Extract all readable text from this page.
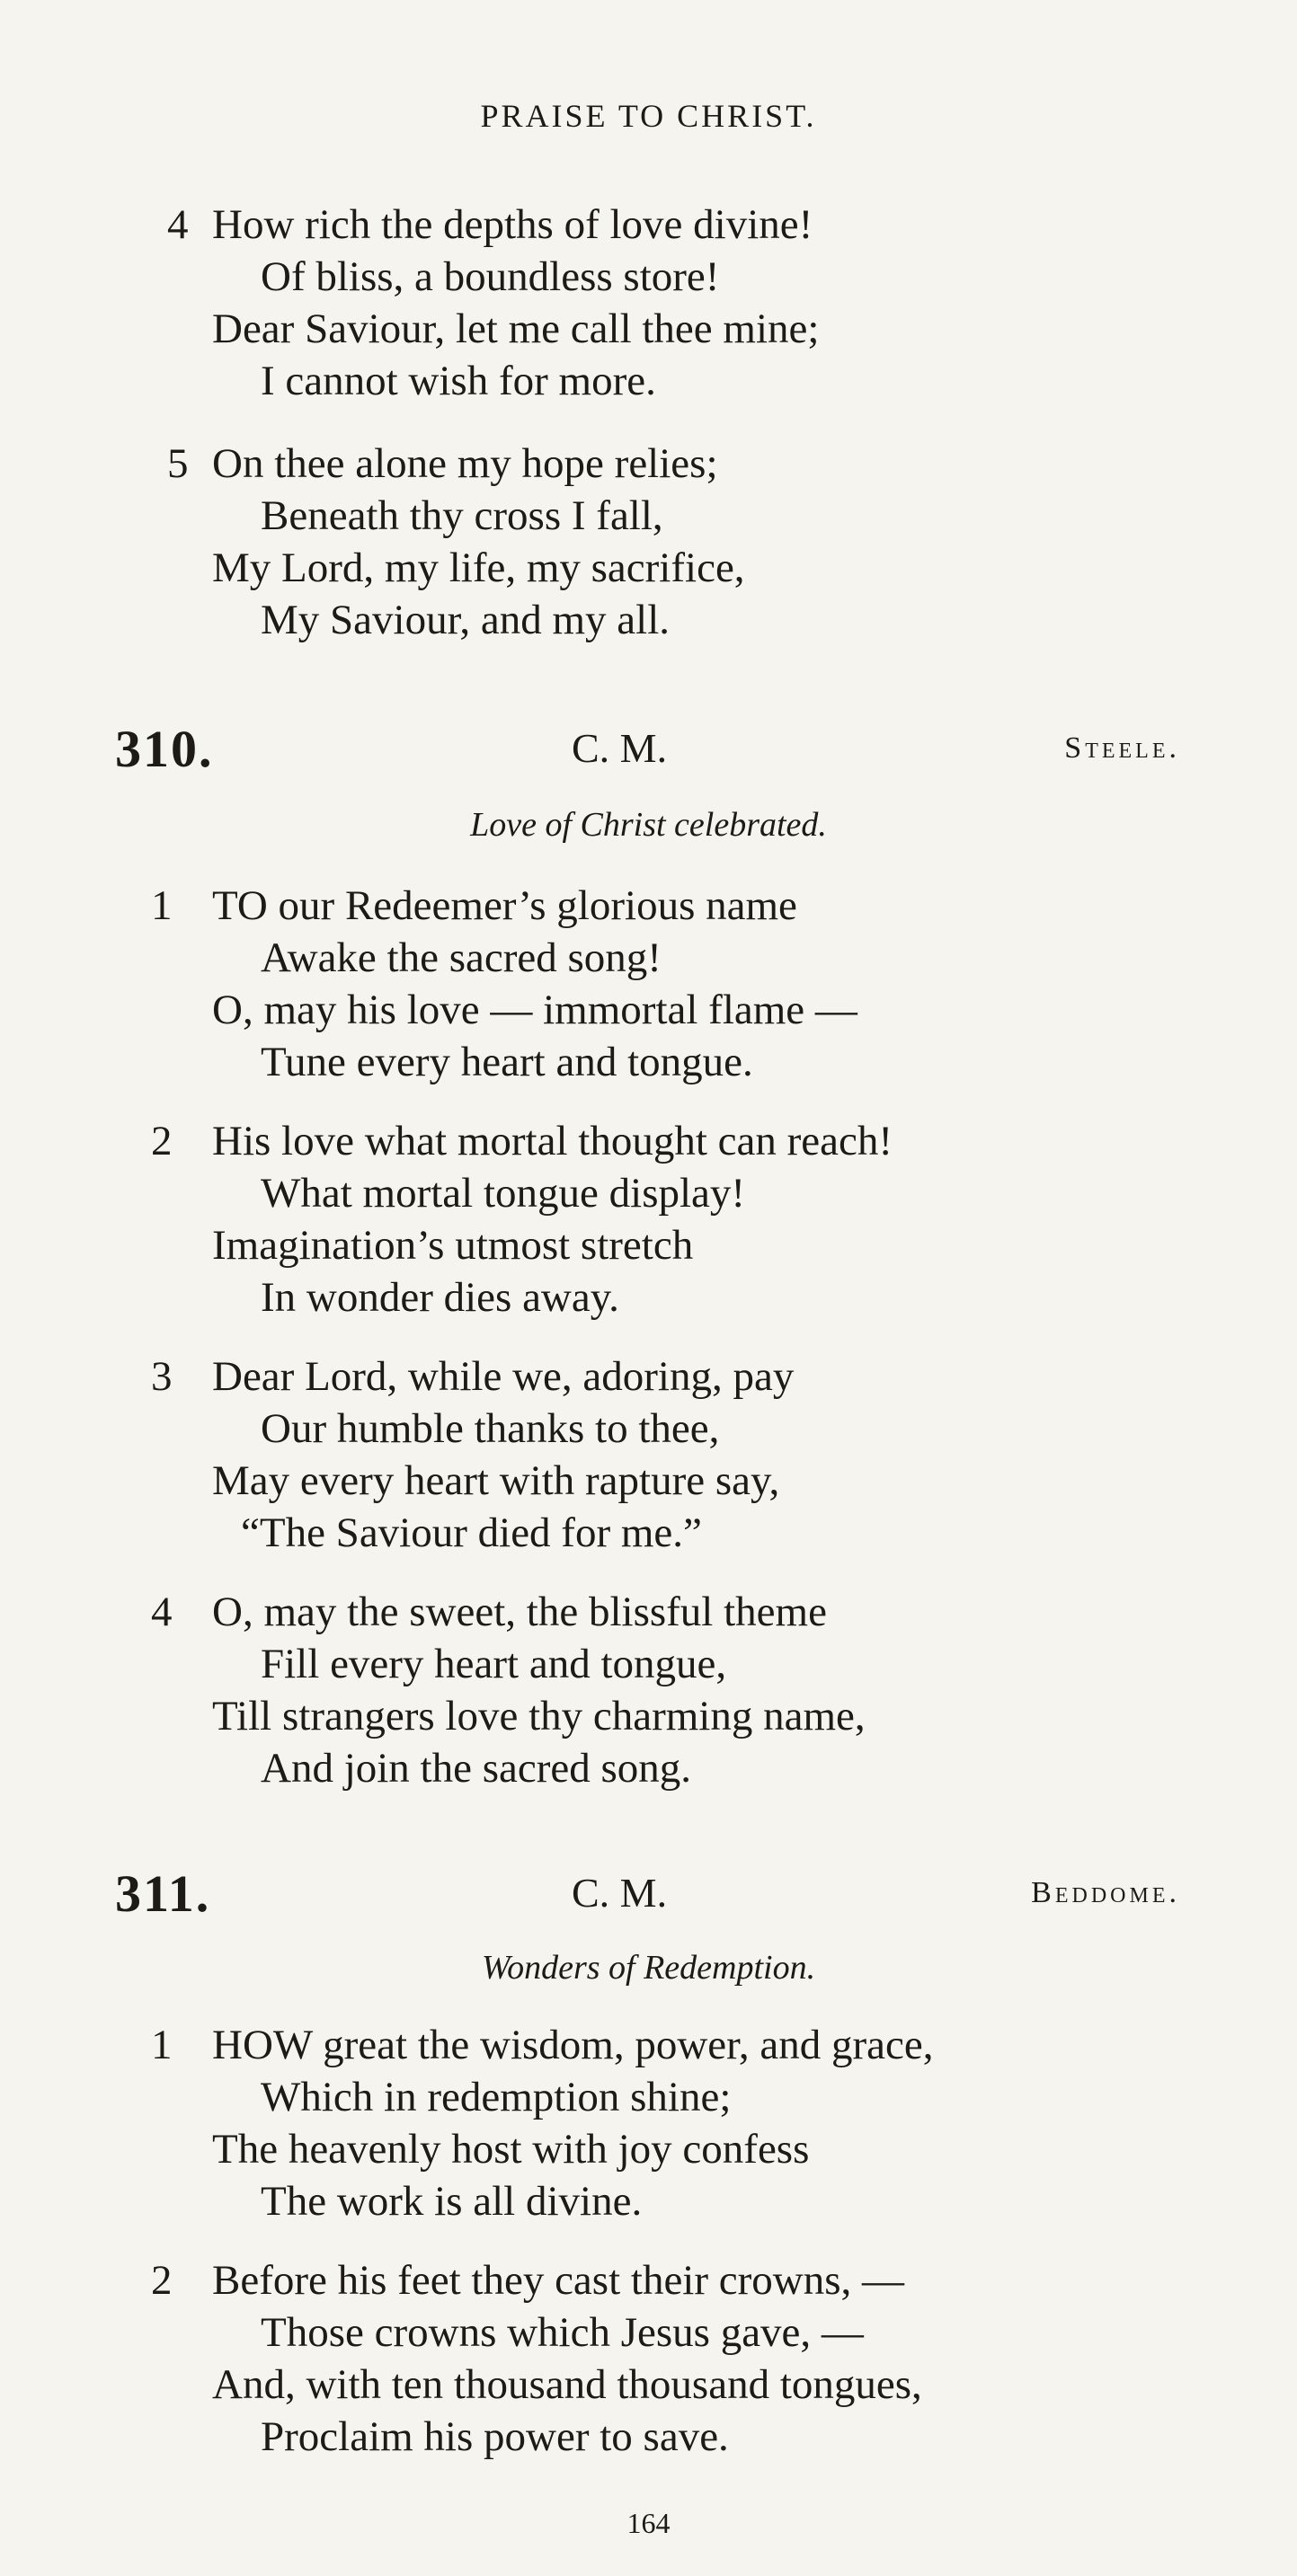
PRAISE TO CHRIST.
4 How rich the depths of love divine!
Of bliss, a boundless store!
Dear Saviour, let me call thee mine;
I cannot wish for more.
5 On thee alone my hope relies;
Beneath thy cross I fall,
My Lord, my life, my sacrifice,
My Saviour, and my all.
310.	C. M.	Steele.
Love of Christ celebrated.
1 TO our Redeemer’s glorious name
Awake the sacred song!
O, may his love — immortal flame —
Tune every heart and tongue.
2 His love what mortal thought can reach!
What mortal tongue display!
Imagination’s utmost stretch
In wonder dies away.
3 Dear Lord, while we, adoring, pay
Our humble thanks to thee,
May every heart with rapture say,
“The Saviour died for me.”
4 O, may the sweet, the blissful theme
Fill every heart and tongue,
Till strangers love thy charming name,
And join the sacred song.
311.	C. M.	Beddome.
Wonders of Redemption.
1 HOW great the wisdom, power, and grace,
Which in redemption shine;
The heavenly host with joy confess
The work is all divine.
2 Before his feet they cast their crowns, —
Those crowns which Jesus gave, —
And, with ten thousand thousand tongues,
Proclaim his power to save.
164
